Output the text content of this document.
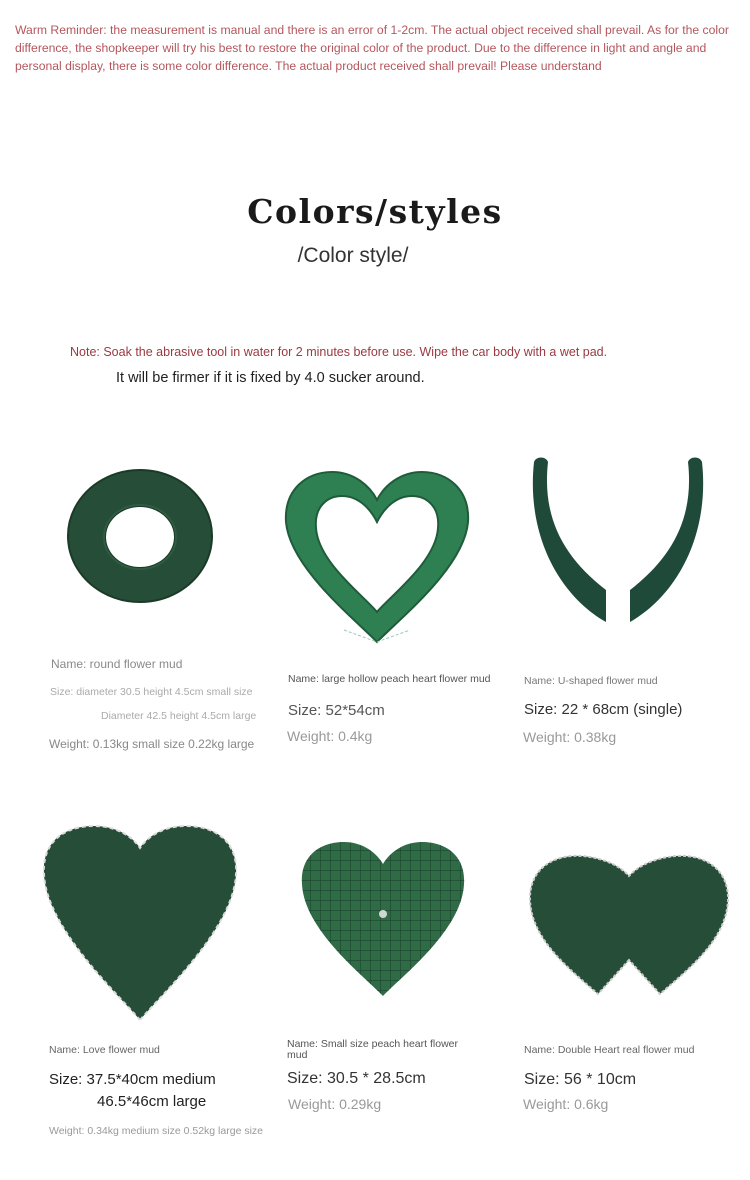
Warm Reminder: the measurement is manual and there is an error of 1-2cm. The actual object received shall prevail. As for the color difference, the shopkeeper will try his best to restore the original color of the product. Due to the difference in light and angle and personal display, there is some color difference. The actual product received shall prevail! Please understand
Colors/styles
/Color style/
Note: Soak the abrasive tool in water for 2 minutes before use. Wipe the car body with a wet pad.
It will be firmer if it is fixed by 4.0 sucker around.
Name: round flower mud
Size: diameter 30.5 height 4.5cm small size
Diameter 42.5 height 4.5cm large
Weight: 0.13kg small size 0.22kg large
Name: large hollow peach heart flower mud
Size: 52*54cm
Weight: 0.4kg
Name: U-shaped flower mud
Size: 22 * 68cm (single)
Weight: 0.38kg
Name: Love flower mud
Size: 37.5*40cm medium
46.5*46cm large
Weight: 0.34kg medium size 0.52kg large size
Name: Small size peach heart flower mud
Size: 30.5 * 28.5cm
Weight: 0.29kg
Name: Double Heart real flower mud
Size: 56 * 10cm
Weight: 0.6kg
